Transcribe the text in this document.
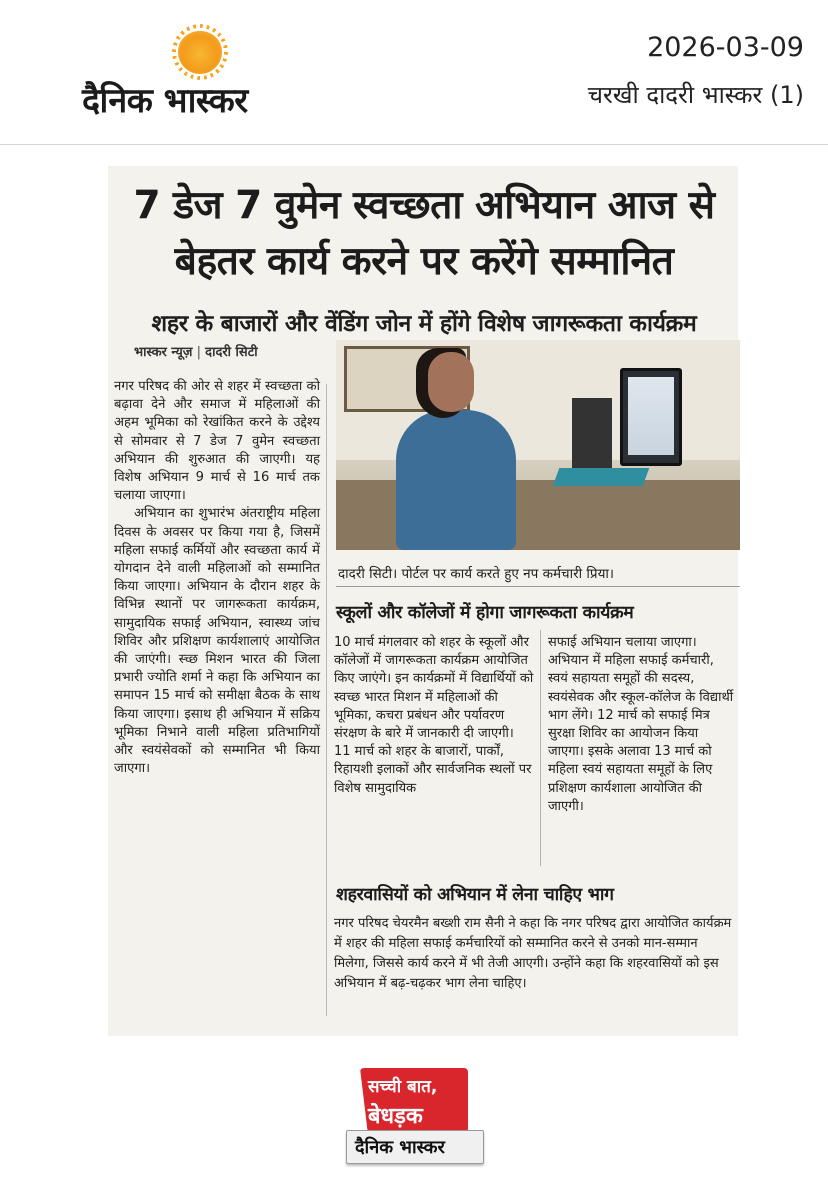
दैनिक भास्कर
2026-03-09
चरखी दादरी भास्कर (1)
7 डेज 7 वुमेन स्वच्छता अभियान आज से
बेहतर कार्य करने पर करेंगे सम्मानित
शहर के बाजारों और वेंडिंग जोन में होंगे विशेष जागरूकता कार्यक्रम
भास्कर न्यूज़ | दादरी सिटी

नगर परिषद की ओर से शहर में स्वच्छता को बढ़ावा देने और समाज में महिलाओं की अहम भूमिका को रेखांकित करने के उद्देश्य से सोमवार से 7 डेज 7 वुमेन स्वच्छता अभियान की शुरुआत की जाएगी। यह विशेष अभियान 9 मार्च से 16 मार्च तक चलाया जाएगा।

अभियान का शुभारंभ अंतराष्ट्रीय महिला दिवस के अवसर पर किया गया है, जिसमें महिला सफाई कर्मियों और स्वच्छता कार्य में योगदान देने वाली महिलाओं को सम्मानित किया जाएगा। अभियान के दौरान शहर के विभिन्न स्थानों पर जागरूकता कार्यक्रम, सामुदायिक सफाई अभियान, स्वास्थ्य जांच शिविर और प्रशिक्षण कार्यशालाएं आयोजित की जाएंगी। स्च्छ मिशन भारत की जिला प्रभारी ज्योति शर्मा ने कहा कि अभियान का समापन 15 मार्च को समीक्षा बैठक के साथ किया जाएगा। इसाथ ही अभियान में सक्रिय भूमिका निभाने वाली महिला प्रतिभागियों और स्वयंसेवकों को सम्मानित भी किया जाएगा।

दादरी सिटी। पोर्टल पर कार्य करते हुए नप कर्मचारी प्रिया।
स्कूलों और कॉलेजों में होगा जागरूकता कार्यक्रम
10 मार्च मंगलवार को शहर के स्कूलों और कॉलेजों में जागरूकता कार्यक्रम आयोजित किए जाएंगे। इन कार्यक्रमों में विद्यार्थियों को स्वच्छ भारत मिशन में महिलाओं की भूमिका, कचरा प्रबंधन और पर्यावरण संरक्षण के बारे में जानकारी दी जाएगी। 11 मार्च को शहर के बाजारों, पार्कों, रिहायशी इलाकों और सार्वजनिक स्थलों पर विशेष सामुदायिक
सफाई अभियान चलाया जाएगा। अभियान में महिला सफाई कर्मचारी, स्वयं सहायता समूहों की सदस्य, स्वयंसेवक और स्कूल-कॉलेज के विद्यार्थी भाग लेंगे। 12 मार्च को सफाई मित्र सुरक्षा शिविर का आयोजन किया जाएगा। इसके अलावा 13 मार्च को महिला स्वयं सहायता समूहों के लिए प्रशिक्षण कार्यशाला आयोजित की जाएगी।
शहरवासियों को अभियान में लेना चाहिए भाग
नगर परिषद चेयरमैन बख्शी राम सैनी ने कहा कि नगर परिषद द्वारा आयोजित कार्यक्रम में शहर की महिला सफाई कर्मचारियों को सम्मानित करने से उनको मान-सम्मान मिलेगा, जिससे कार्य करने में भी तेजी आएगी। उन्होंने कहा कि शहरवासियों को इस अभियान में बढ़-चढ़कर भाग लेना चाहिए।
सच्ची बात,
बेधड़क
दैनिक भास्कर
